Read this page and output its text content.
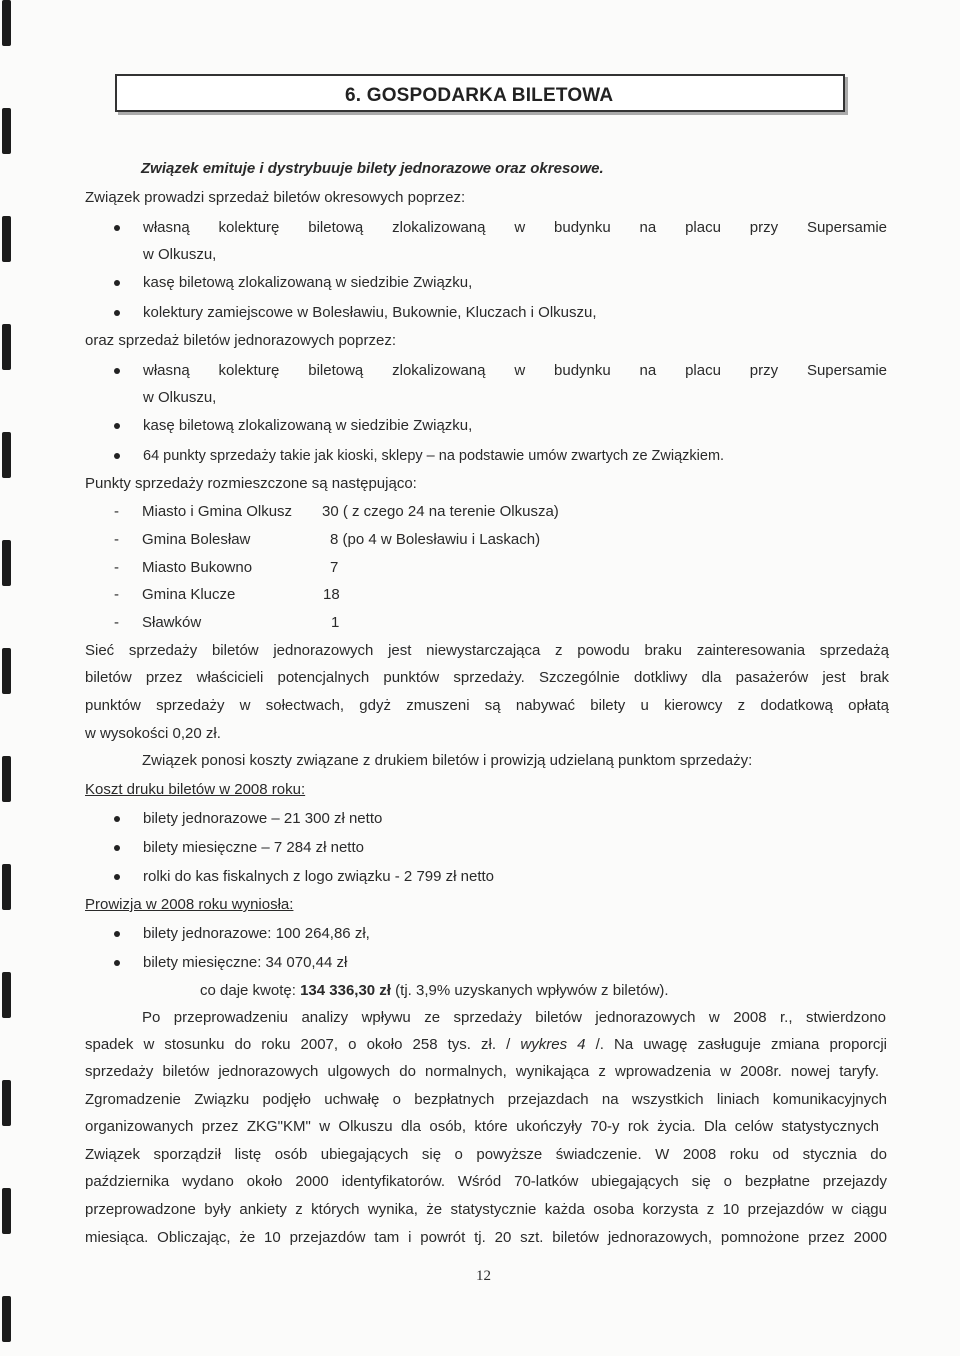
6. GOSPODARKA BILETOWA
Związek emituje i dystrybuuje bilety jednorazowe oraz okresowe.
Związek prowadzi sprzedaż biletów okresowych poprzez:
własną kolekturę biletową zlokalizowaną w budynku na placu przy Supersamie
w Olkuszu,
kasę biletową zlokalizowaną w siedzibie Związku,
kolektury zamiejscowe w Bolesławiu, Bukownie, Kluczach i Olkuszu,
oraz sprzedaż biletów jednorazowych poprzez:
własną kolekturę biletową zlokalizowaną w budynku na placu przy Supersamie
w Olkuszu,
kasę biletową zlokalizowaną w siedzibie Związku,
64 punkty sprzedaży takie jak kioski, sklepy – na podstawie umów zwartych ze Związkiem.
Punkty sprzedaży rozmieszczone są następująco:
- Miasto i Gmina Olkusz 30 ( z czego 24 na terenie Olkusza)
- Gmina Bolesław	8 (po 4 w Bolesławiu i Laskach)
- Miasto Bukowno	7
- Gmina Klucze	18
- Sławków	1
Sieć sprzedaży biletów jednorazowych jest niewystarczająca z powodu braku zainteresowania sprzedażą
biletów przez właścicieli potencjalnych punktów sprzedaży. Szczególnie dotkliwy dla pasażerów jest brak
punktów sprzedaży w sołectwach, gdyż zmuszeni są nabywać bilety u kierowcy z dodatkową opłatą
w wysokości 0,20 zł.
Związek ponosi koszty związane z drukiem biletów i prowizją udzielaną punktom sprzedaży:
Koszt druku biletów w 2008 roku:
bilety jednorazowe – 21 300 zł netto
bilety miesięczne – 7 284 zł netto
rolki do kas fiskalnych z logo związku - 2 799 zł netto
Prowizja w 2008 roku wyniosła:
bilety jednorazowe: 100 264,86 zł,
bilety miesięczne: 34 070,44 zł
co daje kwotę: 134 336,30 zł (tj. 3,9% uzyskanych wpływów z biletów).
Po przeprowadzeniu analizy wpływu ze sprzedaży biletów jednorazowych w 2008 r., stwierdzono
spadek w stosunku do roku 2007, o około 258 tys. zł. / wykres 4 /. Na uwagę zasługuje zmiana proporcji
sprzedaży biletów jednorazowych ulgowych do normalnych, wynikająca z wprowadzenia w 2008r. nowej taryfy.
Zgromadzenie Związku podjęło uchwałę o bezpłatnych przejazdach na wszystkich liniach komunikacyjnych
organizowanych przez ZKG"KM" w Olkuszu dla osób, które ukończyły 70-y rok życia. Dla celów statystycznych
Związek sporządził listę osób ubiegających się o powyższe świadczenie. W 2008 roku od stycznia do
października wydano około 2000 identyfikatorów. Wśród 70-latków ubiegających się o bezpłatne przejazdy
przeprowadzone były ankiety z których wynika, że statystycznie każda osoba korzysta z 10 przejazdów w ciągu
miesiąca. Obliczając, że 10 przejazdów tam i powrót tj. 20 szt. biletów jednorazowych, pomnożone przez 2000
12
